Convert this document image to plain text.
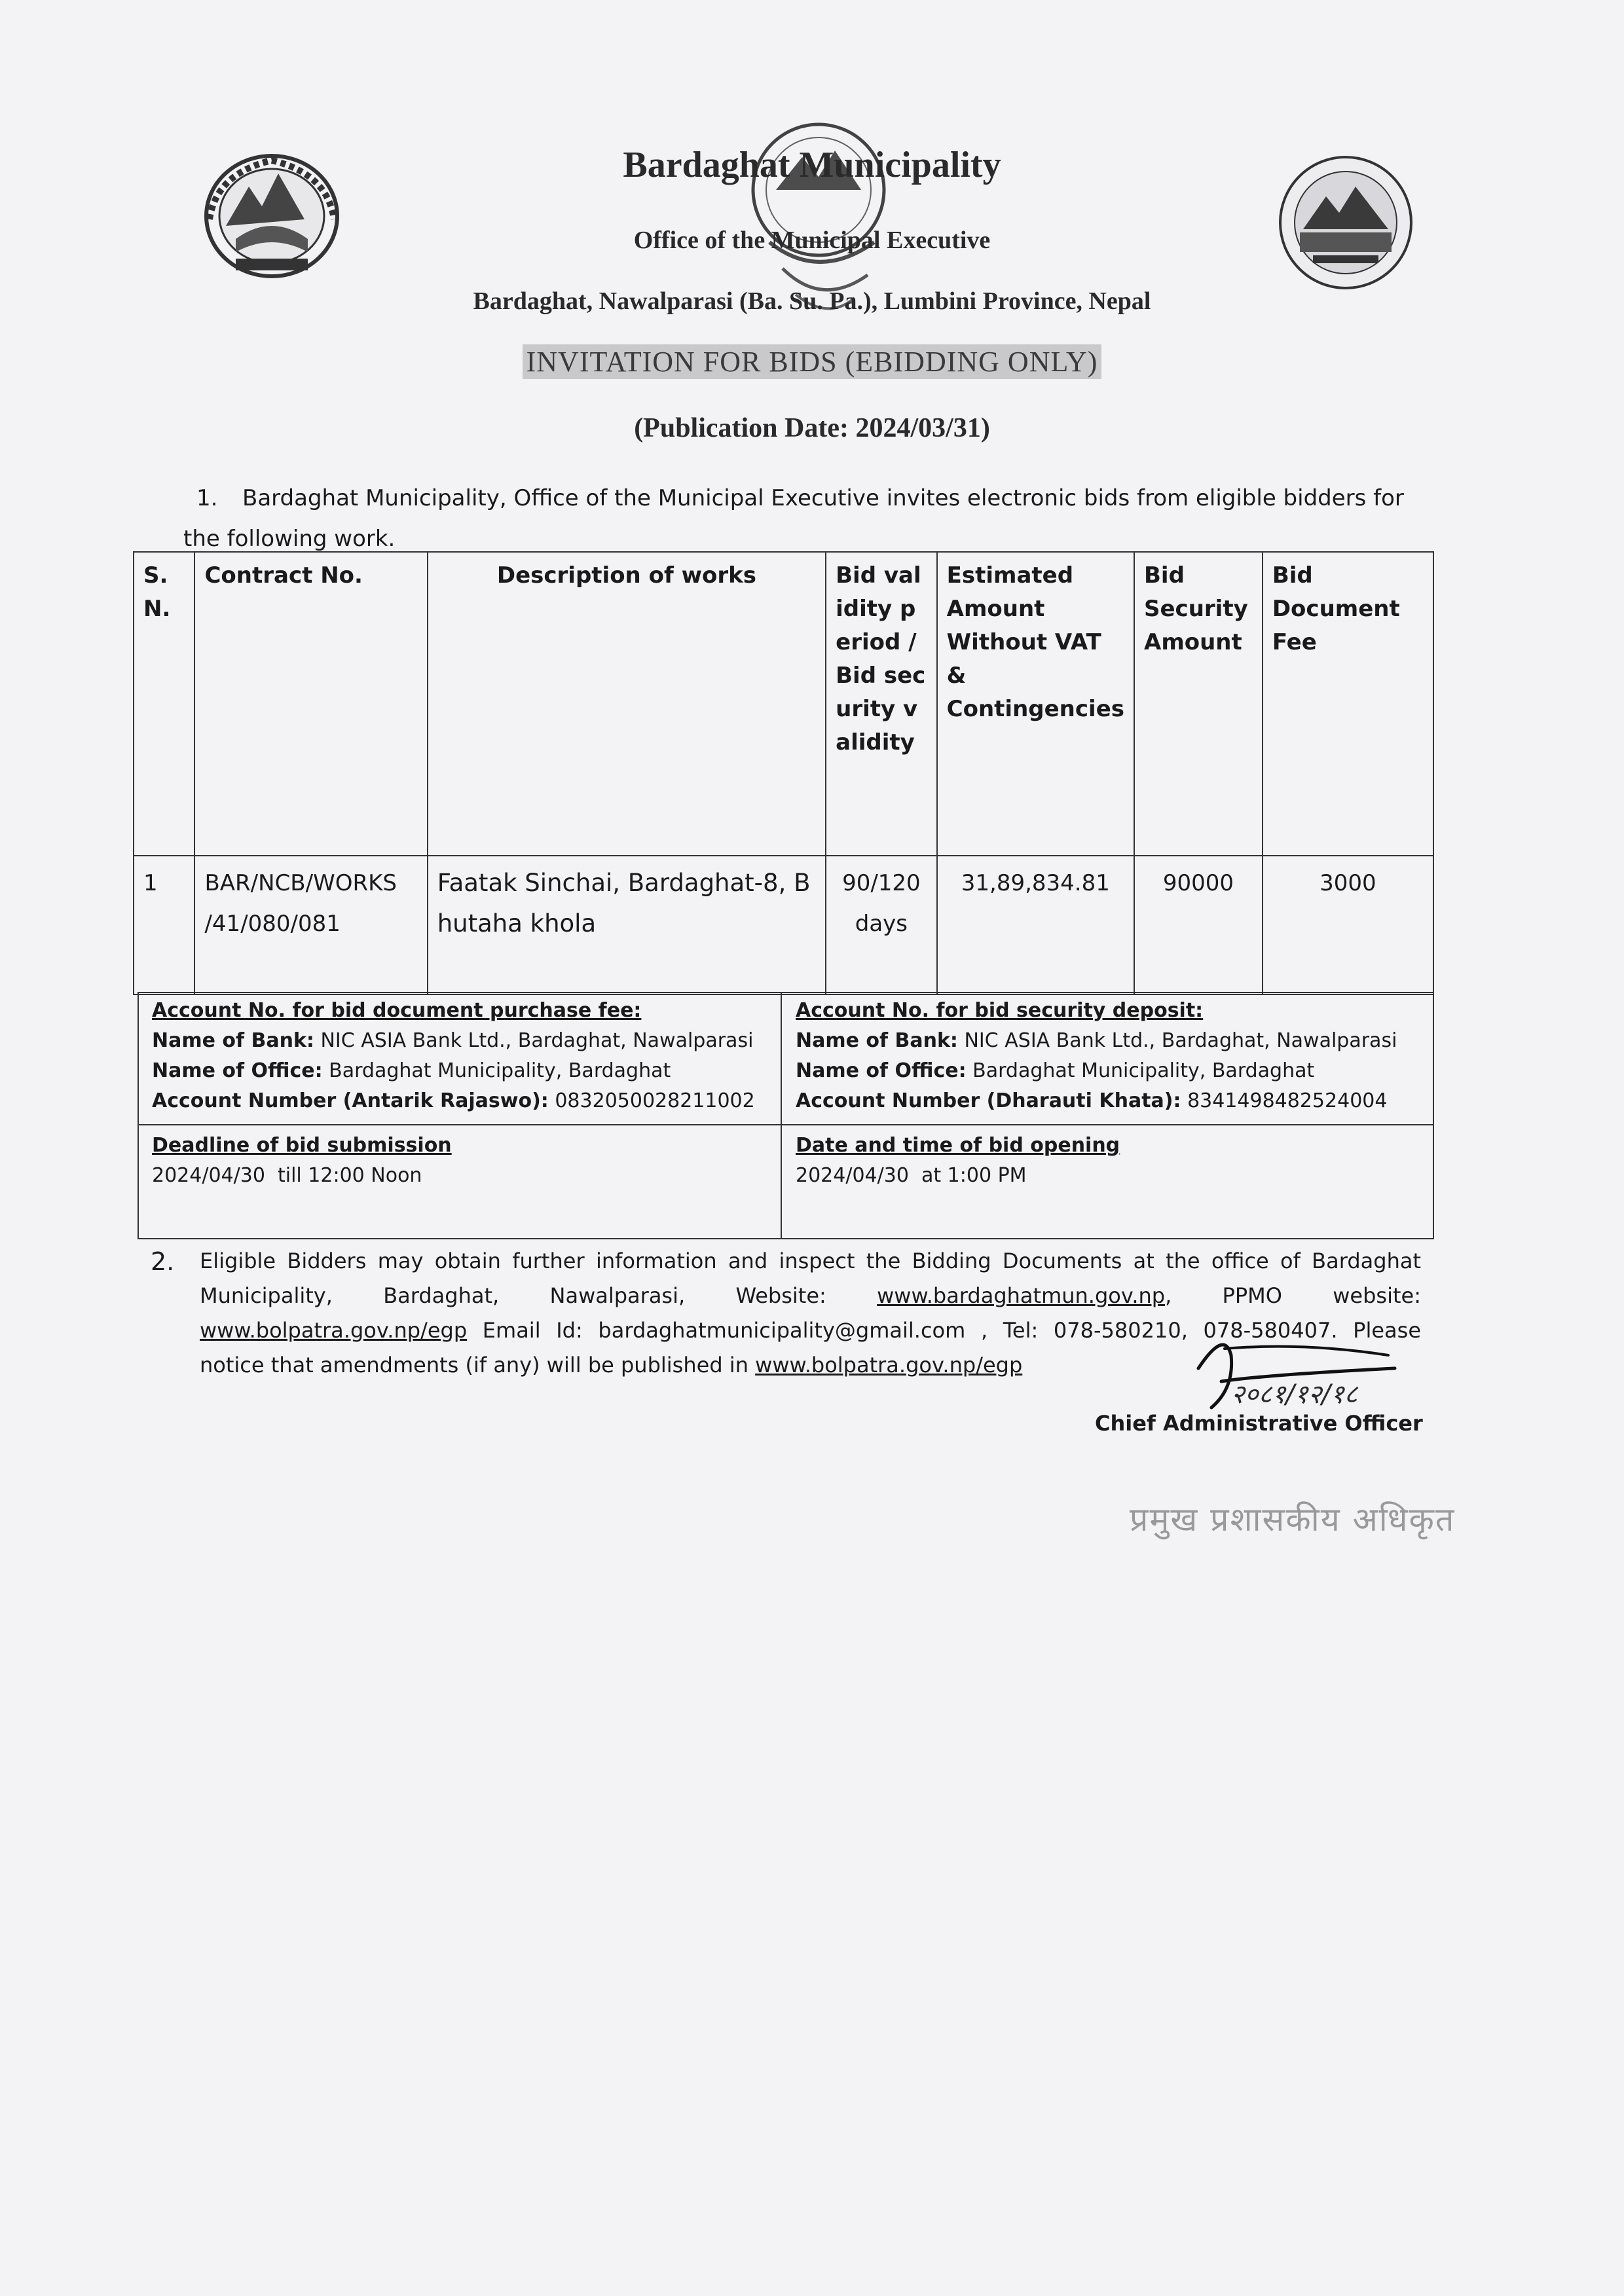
Bardaghat Municipality
Office of the Municipal Executive
Bardaghat, Nawalparasi (Ba. Su. Pa.), Lumbini Province, Nepal
INVITATION FOR BIDS (EBIDDING ONLY)
(Publication Date: 2024/03/31)
1. Bardaghat Municipality, Office of the Municipal Executive invites electronic bids from eligible bidders for the following work.
S. N.	Contract No.	Description of works	Bid validity period / Bid security validity	Estimated Amount Without VAT & Contingencies	Bid Security Amount	Bid Document Fee
1	BAR/NCB/WORKS /41/080/081	Faatak Sinchai, Bardaghat-8, B hutaha khola	90/120 days	31,89,834.81	90000	3000
Account No. for bid document purchase fee:
Name of Bank: NIC ASIA Bank Ltd., Bardaghat, Nawalparasi
Name of Office: Bardaghat Municipality, Bardaghat
Account Number (Antarik Rajaswo): 0832050028211002
Account No. for bid security deposit:
Name of Bank: NIC ASIA Bank Ltd., Bardaghat, Nawalparasi
Name of Office: Bardaghat Municipality, Bardaghat
Account Number (Dharauti Khata): 8341498482524004
Deadline of bid submission
2024/04/30  till 12:00 Noon
Date and time of bid opening
2024/04/30  at 1:00 PM
2. Eligible Bidders may obtain further information and inspect the Bidding Documents at the office of Bardaghat Municipality, Bardaghat, Nawalparasi, Website: www.bardaghatmun.gov.np, PPMO website: www.bolpatra.gov.np/egp Email Id: bardaghatmunicipality@gmail.com , Tel: 078-580210, 078-580407. Please notice that amendments (if any) will be published in www.bolpatra.gov.np/egp
२०८१/१२/१८
Chief Administrative Officer
प्रमुख प्रशासकीय अधिकृत
